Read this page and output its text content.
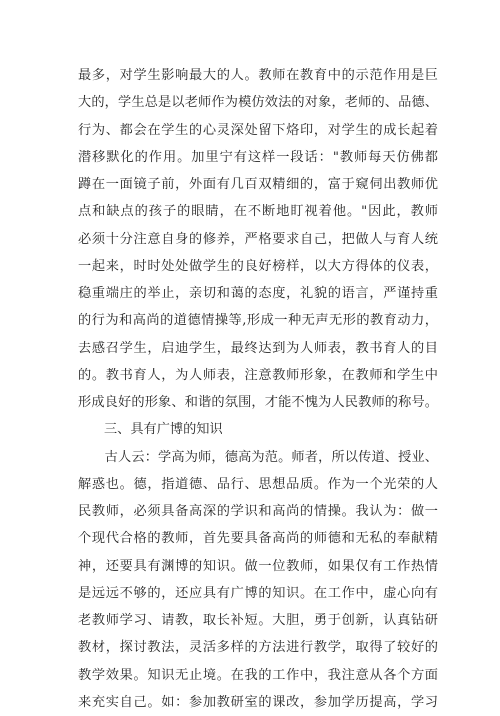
最多，对学生影响最大的人。教师在教育中的示范作用是巨
大的，学生总是以老师作为模仿效法的对象，老师的、品德、
行为、都会在学生的心灵深处留下烙印，对学生的成长起着
潜移默化的作用。加里宁有这样一段话："教师每天仿佛都
蹲在一面镜子前，外面有几百双精细的，富于窥伺出教师优
点和缺点的孩子的眼睛，在不断地盯视着他。"因此，教师
必须十分注意自身的修养，严格要求自己，把做人与育人统
一起来，时时处处做学生的良好榜样，以大方得体的仪表，
稳重端庄的举止，亲切和蔼的态度，礼貌的语言，严谨持重
的行为和高尚的道德情操等,形成一种无声无形的教育动力，
去感召学生，启迪学生，最终达到为人师表，教书育人的目
的。教书育人，为人师表，注意教师形象，在教师和学生中
形成良好的形象、和谐的氛围，才能不愧为人民教师的称号。
三、具有广博的知识
　　古人云：学高为师，德高为范。师者，所以传道、授业、
解惑也。德，指道德、品行、思想品质。作为一个光荣的人
民教师，必须具备高深的学识和高尚的情操。我认为：做一
个现代合格的教师，首先要具备高尚的师德和无私的奉献精
神，还要具有渊博的知识。做一位教师，如果仅有工作热情
是远远不够的，还应具有广博的知识。在工作中，虚心向有
老教师学习、请教，取长补短。大胆，勇于创新，认真钻研
教材，探讨教法，灵活多样的方法进行教学，取得了较好的
教学效果。知识无止境。在我的工作中，我注意从各个方面
来充实自己。如：参加教研室的课改，参加学历提高，学习
